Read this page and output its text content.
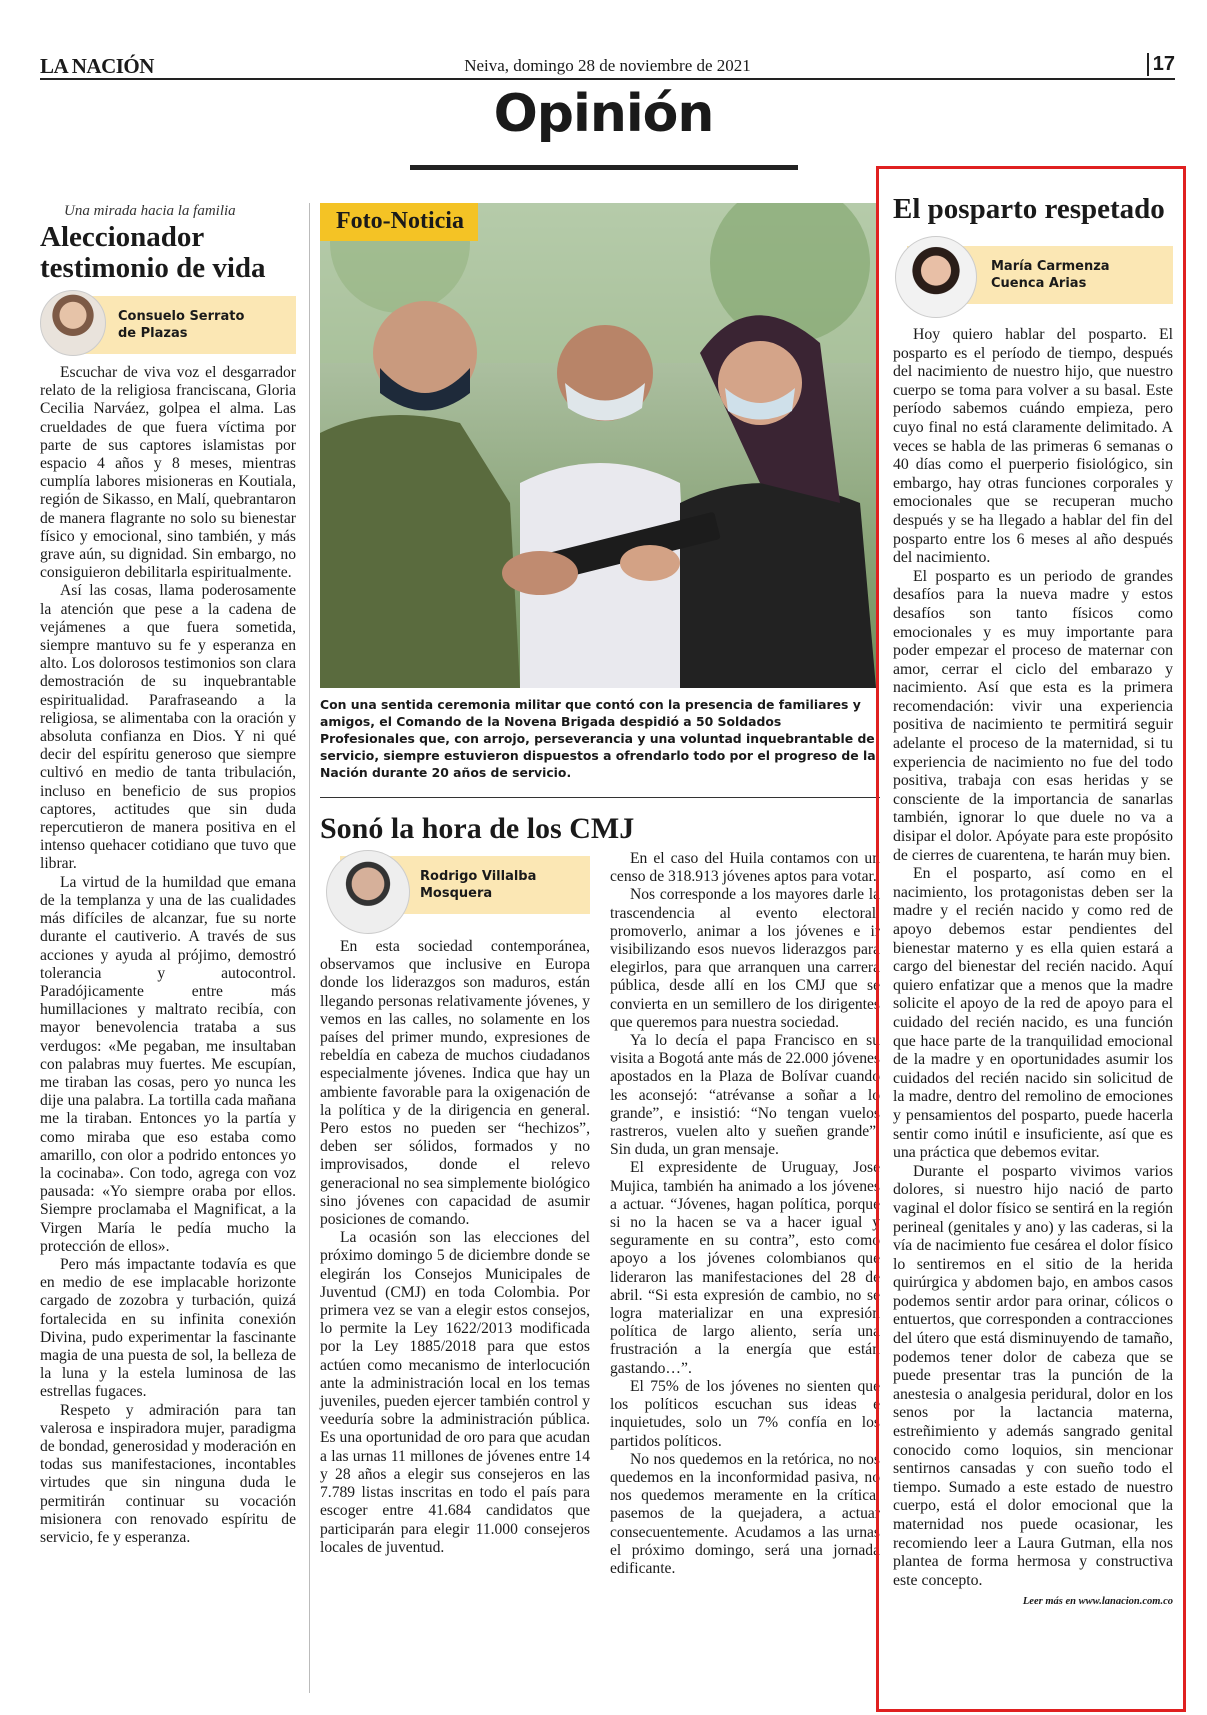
LA NACIÓN	Neiva, domingo 28 de noviembre de 2021	17
Opinión
Una mirada hacia la familia
Aleccionador testimonio de vida
Consuelo Serrato
de Plazas

Escuchar de viva voz el desgarrador relato de la religiosa franciscana, Gloria Cecilia Narváez, golpea el alma. Las crueldades de que fuera víctima por parte de sus captores islamistas por espacio 4 años y 8 meses, mientras cumplía labores misioneras en Koutiala, región de Sikasso, en Malí, quebrantaron de manera flagrante no solo su bienestar físico y emocional, sino también, y más grave aún, su dignidad. Sin embargo, no consiguieron debilitarla espiritualmente.

Así las cosas, llama poderosamente la atención que pese a la cadena de vejámenes a que fuera sometida, siempre mantuvo su fe y esperanza en alto. Los dolorosos testimonios son clara demostración de su inquebrantable espiritualidad. Parafraseando a la religiosa, se alimentaba con la oración y absoluta confianza en Dios. Y ni qué decir del espíritu generoso que siempre cultivó en medio de tanta tribulación, incluso en beneficio de sus propios captores, actitudes que sin duda repercutieron de manera positiva en el intenso quehacer cotidiano que tuvo que librar.

La virtud de la humildad que emana de la templanza y una de las cualidades más difíciles de alcanzar, fue su norte durante el cautiverio. A través de sus acciones y ayuda al prójimo, demostró tolerancia y autocontrol. Paradójicamente entre más humillaciones y maltrato recibía, con mayor benevolencia trataba a sus verdugos: «Me pegaban, me insultaban con palabras muy fuertes. Me escupían, me tiraban las cosas, pero yo nunca les dije una palabra. La tortilla cada mañana me la tiraban. Entonces yo la partía y como miraba que eso estaba como amarillo, con olor a podrido entonces yo la cocinaba». Con todo, agrega con voz pausada: «Yo siempre oraba por ellos. Siempre proclamaba el Magnificat, a la Virgen María le pedía mucho la protección de ellos».

Pero más impactante todavía es que en medio de ese implacable horizonte cargado de zozobra y turbación, quizá fortalecida en su infinita conexión Divina, pudo experimentar la fascinante magia de una puesta de sol, la belleza de la luna y la estela luminosa de las estrellas fugaces.

Respeto y admiración para tan valerosa e inspiradora mujer, paradigma de bondad, generosidad y moderación en todas sus manifestaciones, incontables virtudes que sin ninguna duda le permitirán continuar su vocación misionera con renovado espíritu de servicio, fe y esperanza.

Foto-Noticia
Con una sentida ceremonia militar que contó con la presencia de familiares y amigos, el Comando de la Novena Brigada despidió a 50 Soldados Profesionales que, con arrojo, perseverancia y una voluntad inquebrantable de servicio, siempre estuvieron dispuestos a ofrendarlo todo por el progreso de la Nación durante 20 años de servicio.
Sonó la hora de los CMJ
Rodrigo Villalba
Mosquera

En esta sociedad contemporánea, observamos que inclusive en Europa donde los liderazgos son maduros, están llegando personas relativamente jóvenes, y vemos en las calles, no solamente en los países del primer mundo, expresiones de rebeldía en cabeza de muchos ciudadanos especialmente jóvenes. Indica que hay un ambiente favorable para la oxigenación de la política y de la dirigencia en general. Pero estos no pueden ser “hechizos”, deben ser sólidos, formados y no improvisados, donde el relevo generacional no sea simplemente biológico sino jóvenes con capacidad de asumir posiciones de comando.

La ocasión son las elecciones del próximo domingo 5 de diciembre donde se elegirán los Consejos Municipales de Juventud (CMJ) en toda Colombia. Por primera vez se van a elegir estos consejos, lo permite la Ley 1622/2013 modificada por la Ley 1885/2018 para que estos actúen como mecanismo de interlocución ante la administración local en los temas juveniles, pueden ejercer también control y veeduría sobre la administración pública. Es una oportunidad de oro para que acudan a las urnas 11 millones de jóvenes entre 14 y 28 años a elegir sus consejeros en las 7.789 listas inscritas en todo el país para escoger entre 41.684 candidatos que participarán para elegir 11.000 consejeros locales de juventud.

En el caso del Huila contamos con un censo de 318.913 jóvenes aptos para votar.

Nos corresponde a los mayores darle la trascendencia al evento electoral, promoverlo, animar a los jóvenes e ir visibilizando esos nuevos liderazgos para elegirlos, para que arranquen una carrera pública, desde allí en los CMJ que se convierta en un semillero de los dirigentes que queremos para nuestra sociedad.

Ya lo decía el papa Francisco en su visita a Bogotá ante más de 22.000 jóvenes apostados en la Plaza de Bolívar cuando les aconsejó: “atrévanse a soñar a lo grande”, e insistió: “No tengan vuelos rastreros, vuelen alto y sueñen grande”. Sin duda, un gran mensaje.

El expresidente de Uruguay, José Mujica, también ha animado a los jóvenes a actuar. “Jóvenes, hagan política, porque si no la hacen se va a hacer igual y seguramente en su contra”, esto como apoyo a los jóvenes colombianos que lideraron las manifestaciones del 28 de abril. “Si esta expresión de cambio, no se logra materializar en una expresión política de largo aliento, sería una frustración a la energía que están gastando…”.

El 75% de los jóvenes no sienten que los políticos escuchan sus ideas e inquietudes, solo un 7% confía en los partidos políticos.

No nos quedemos en la retórica, no nos quedemos en la inconformidad pasiva, no nos quedemos meramente en la crítica, pasemos de la quejadera, a actuar consecuentemente. Acudamos a las urnas el próximo domingo, será una jornada edificante.

El posparto respetado
María Carmenza
Cuenca Arias

Hoy quiero hablar del posparto. El posparto es el período de tiempo, después del nacimiento de nuestro hijo, que nuestro cuerpo se toma para volver a su basal. Este período sabemos cuándo empieza, pero cuyo final no está claramente delimitado. A veces se habla de las primeras 6 semanas o 40 días como el puerperio fisiológico, sin embargo, hay otras funciones corporales y emocionales que se recuperan mucho después y se ha llegado a hablar del fin del posparto entre los 6 meses al año después del nacimiento.

El posparto es un periodo de grandes desafíos para la nueva madre y estos desafíos son tanto físicos como emocionales y es muy importante para poder empezar el proceso de maternar con amor, cerrar el ciclo del embarazo y nacimiento. Así que esta es la primera recomendación: vivir una experiencia positiva de nacimiento te permitirá seguir adelante el proceso de la maternidad, si tu experiencia de nacimiento no fue del todo positiva, trabaja con esas heridas y se consciente de la importancia de sanarlas también, ignorar lo que duele no va a disipar el dolor. Apóyate para este propósito de cierres de cuarentena, te harán muy bien.

En el posparto, así como en el nacimiento, los protagonistas deben ser la madre y el recién nacido y como red de apoyo debemos estar pendientes del bienestar materno y es ella quien estará a cargo del bienestar del recién nacido. Aquí quiero enfatizar que a menos que la madre solicite el apoyo de la red de apoyo para el cuidado del recién nacido, es una función que hace parte de la tranquilidad emocional de la madre y en oportunidades asumir los cuidados del recién nacido sin solicitud de la madre, dentro del remolino de emociones y pensamientos del posparto, puede hacerla sentir como inútil e insuficiente, así que es una práctica que debemos evitar.

Durante el posparto vivimos varios dolores, si nuestro hijo nació de parto vaginal el dolor físico se sentirá en la región perineal (genitales y ano) y las caderas, si la vía de nacimiento fue cesárea el dolor físico lo sentiremos en el sitio de la herida quirúrgica y abdomen bajo, en ambos casos podemos sentir ardor para orinar, cólicos o entuertos, que corresponden a contracciones del útero que está disminuyendo de tamaño, podemos tener dolor de cabeza que se puede presentar tras la punción de la anestesia o analgesia peridural, dolor en los senos por la lactancia materna, estreñimiento y además sangrado genital conocido como loquios, sin mencionar sentirnos cansadas y con sueño todo el tiempo. Sumado a este estado de nuestro cuerpo, está el dolor emocional que la maternidad nos puede ocasionar, les recomiendo leer a Laura Gutman, ella nos plantea de forma hermosa y constructiva este concepto.

Leer más en www.lanacion.com.co
